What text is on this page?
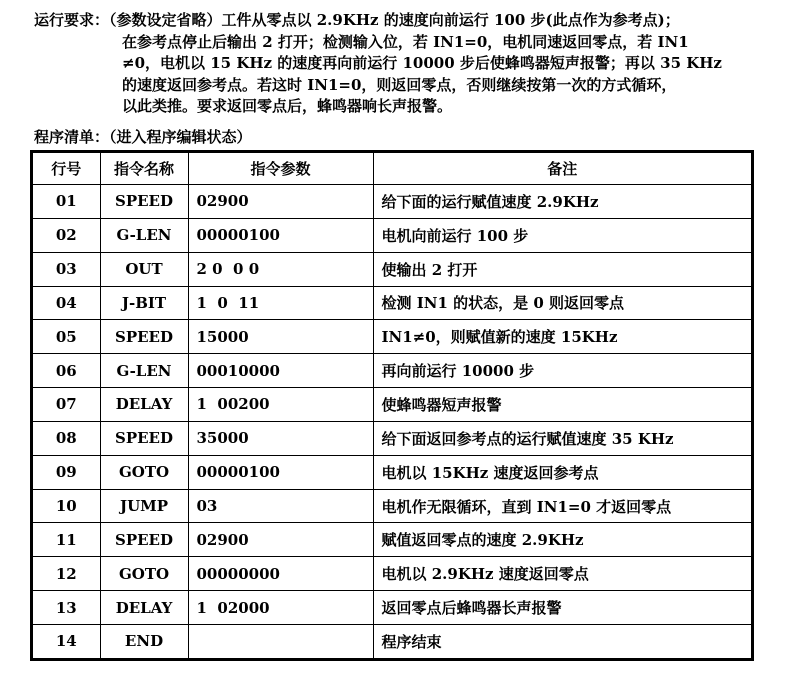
运行要求：（参数设定省略）工件从零点以 2.9KHz 的速度向前运行 100 步(此点作为参考点)；
在参考点停止后输出 2 打开；检测输入位，若 IN1=0，电机同速返回零点，若 IN1
≠0，电机以 15 KHz 的速度再向前运行 10000 步后使蜂鸣器短声报警；再以 35 KHz
的速度返回参考点。若这时 IN1=0，则返回零点，否则继续按第一次的方式循环，
以此类推。要求返回零点后，蜂鸣器响长声报警。
程序清单：（进入程序编辑状态）
行号	指令名称	指令参数	备注
01	SPEED	02900	给下面的运行赋值速度 2.9KHz
02	G-LEN	00000100	电机向前运行 100 步
03	OUT	2 0  0 0	使输出 2 打开
04	J-BIT	1  0  11	检测 IN1 的状态，是 0 则返回零点
05	SPEED	15000	IN1≠0，则赋值新的速度 15KHz
06	G-LEN	00010000	再向前运行 10000 步
07	DELAY	1  00200	使蜂鸣器短声报警
08	SPEED	35000	给下面返回参考点的运行赋值速度 35 KHz
09	GOTO	00000100	电机以 15KHz 速度返回参考点
10	JUMP	03	电机作无限循环，直到 IN1=0 才返回零点
11	SPEED	02900	赋值返回零点的速度 2.9KHz
12	GOTO	00000000	电机以 2.9KHz 速度返回零点
13	DELAY	1  02000	返回零点后蜂鸣器长声报警
14	END		程序结束
